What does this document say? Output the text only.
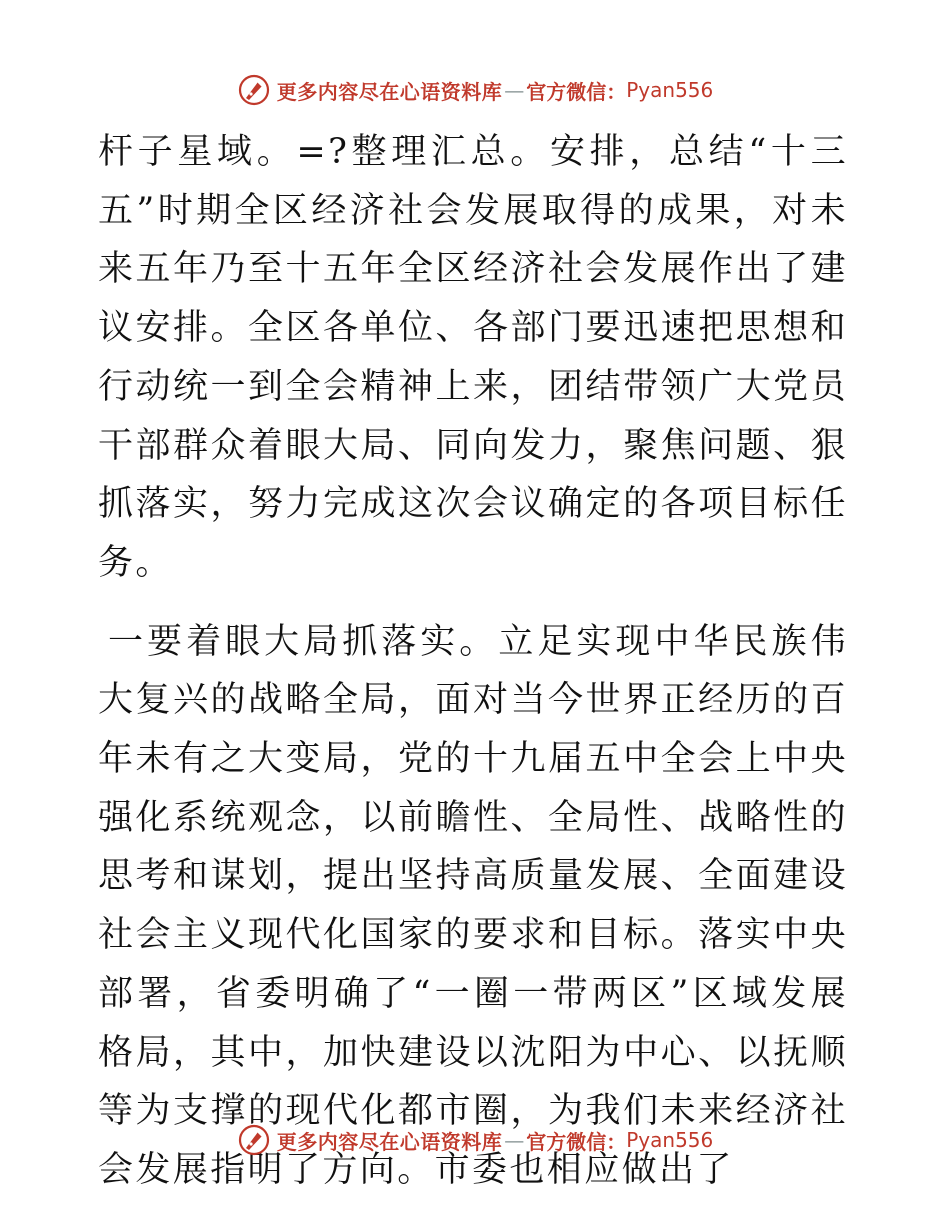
更多内容尽在心语资料库 — 官方微信： Pyan556

杆子星域。=?整理汇总。安排，总结“十三五”时期全区经济社会发展取得的成果，对未来五年乃至十五年全区经济社会发展作出了建议安排。全区各单位、各部门要迅速把思想和行动统一到全会精神上来，团结带领广大党员干部群众着眼大局、同向发力，聚焦问题、狠抓落实，努力完成这次会议确定的各项目标任务。

一要着眼大局抓落实。立足实现中华民族伟大复兴的战略全局，面对当今世界正经历的百年未有之大变局，党的十九届五中全会上中央强化系统观念，以前瞻性、全局性、战略性的思考和谋划，提出坚持高质量发展、全面建设社会主义现代化国家的要求和目标。落实中央部署，省委明确了“一圈一带两区”区域发展格局，其中，加快建设以沈阳为中心、以抚顺等为支撑的现代化都市圈，为我们未来经济社会发展指明了方向。市委也相应做出了

更多内容尽在心语资料库 — 官方微信： Pyan556
